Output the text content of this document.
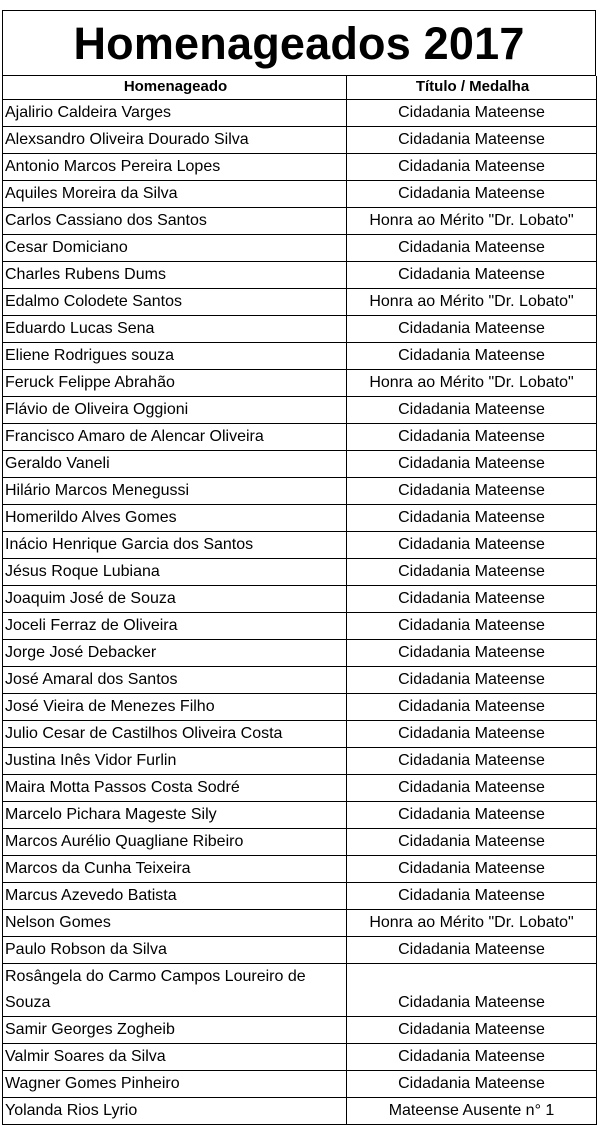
Homenageados 2017
Homenageado	Título / Medalha
Ajalirio Caldeira Varges	Cidadania Mateense
Alexsandro Oliveira Dourado Silva	Cidadania Mateense
Antonio Marcos Pereira Lopes	Cidadania Mateense
Aquiles Moreira da Silva	Cidadania Mateense
Carlos Cassiano dos Santos	Honra ao Mérito "Dr. Lobato"
Cesar Domiciano	Cidadania Mateense
Charles Rubens Dums	Cidadania Mateense
Edalmo Colodete Santos	Honra ao Mérito "Dr. Lobato"
Eduardo Lucas Sena	Cidadania Mateense
Eliene Rodrigues souza	Cidadania Mateense
Feruck Felippe Abrahão	Honra ao Mérito "Dr. Lobato"
Flávio de Oliveira Oggioni	Cidadania Mateense
Francisco Amaro de Alencar Oliveira	Cidadania Mateense
Geraldo Vaneli	Cidadania Mateense
Hilário Marcos Menegussi	Cidadania Mateense
Homerildo Alves Gomes	Cidadania Mateense
Inácio Henrique Garcia dos Santos	Cidadania Mateense
Jésus Roque Lubiana	Cidadania Mateense
Joaquim José de Souza	Cidadania Mateense
Joceli Ferraz de Oliveira	Cidadania Mateense
Jorge José Debacker	Cidadania Mateense
José Amaral dos Santos	Cidadania Mateense
José Vieira de Menezes Filho	Cidadania Mateense
Julio Cesar de Castilhos Oliveira Costa	Cidadania Mateense
Justina Inês Vidor Furlin	Cidadania Mateense
Maira Motta Passos Costa Sodré	Cidadania Mateense
Marcelo Pichara Mageste Sily	Cidadania Mateense
Marcos Aurélio Quagliane Ribeiro	Cidadania Mateense
Marcos da Cunha Teixeira	Cidadania Mateense
Marcus Azevedo Batista	Cidadania Mateense
Nelson Gomes	Honra ao Mérito "Dr. Lobato"
Paulo Robson da Silva	Cidadania Mateense
Rosângela do Carmo Campos Loureiro de Souza	Cidadania Mateense
Samir Georges Zogheib	Cidadania Mateense
Valmir Soares da Silva	Cidadania Mateense
Wagner Gomes Pinheiro	Cidadania Mateense
Yolanda Rios Lyrio	Mateense Ausente n° 1
